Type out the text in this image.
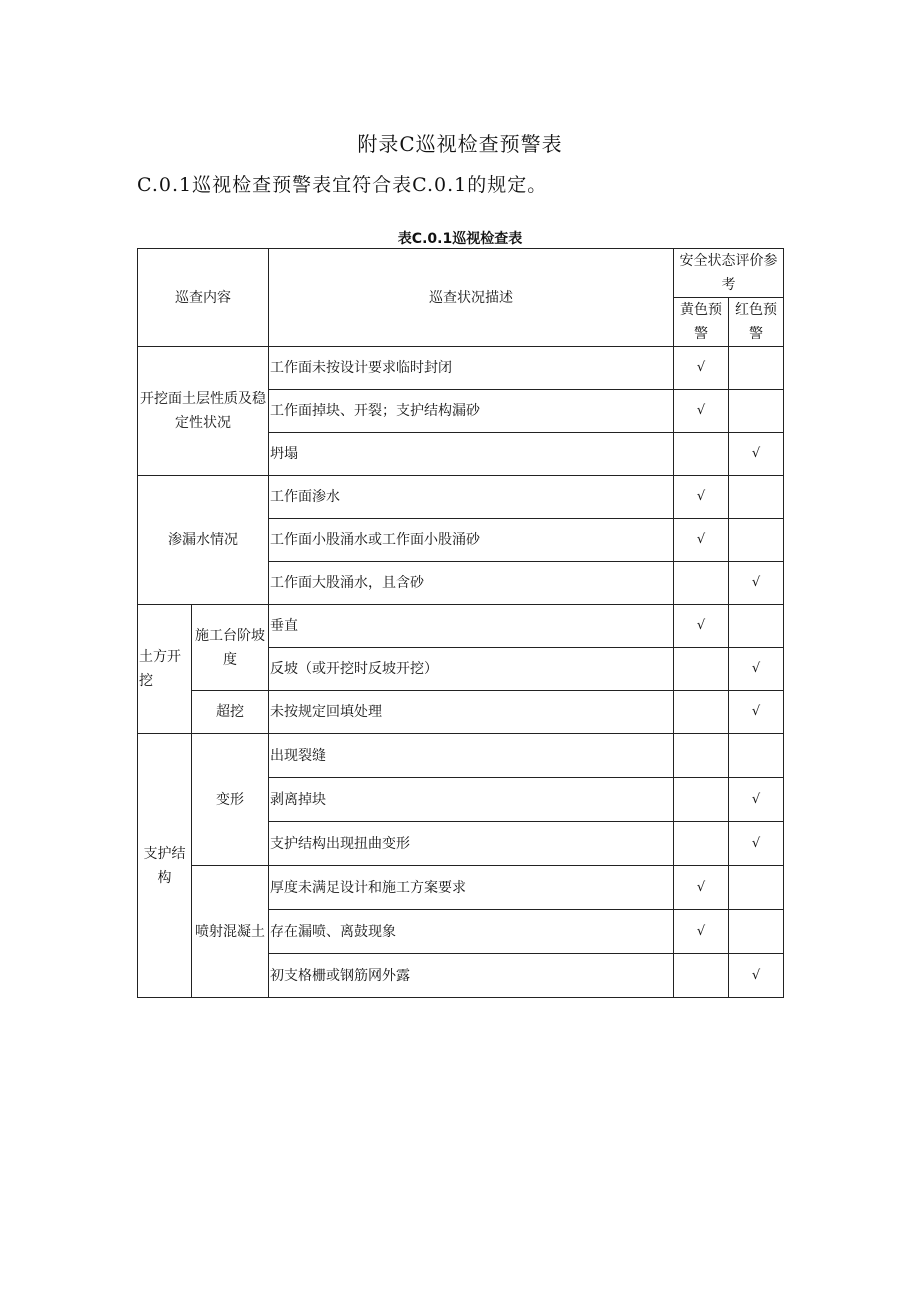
附录C巡视检查预警表
C.0.1巡视检查预警表宜符合表C.0.1的规定。
表C.0.1巡视检查表
巡查内容		巡查状况描述	安全状态评价参考	
			黄色预警	红色预警
开挖面土层性质及稳定性状况		工作面未按设计要求临时封闭	√	
		工作面掉块、开裂；支护结构漏砂	√	
		坍塌		√
渗漏水情况		工作面渗水	√	
		工作面小股涌水或工作面小股涌砂	√	
		工作面大股涌水，且含砂		√
土方开挖	施工台阶坡度	垂直	√	
		反坡（或开挖时反坡开挖）		√
	超挖	未按规定回填处理		√
支护结构	变形	出现裂缝		
		剥离掉块		√
		支护结构出现扭曲变形		√
	喷射混凝土	厚度未满足设计和施工方案要求	√	
		存在漏喷、离鼓现象	√	
		初支格栅或钢筋网外露		√
